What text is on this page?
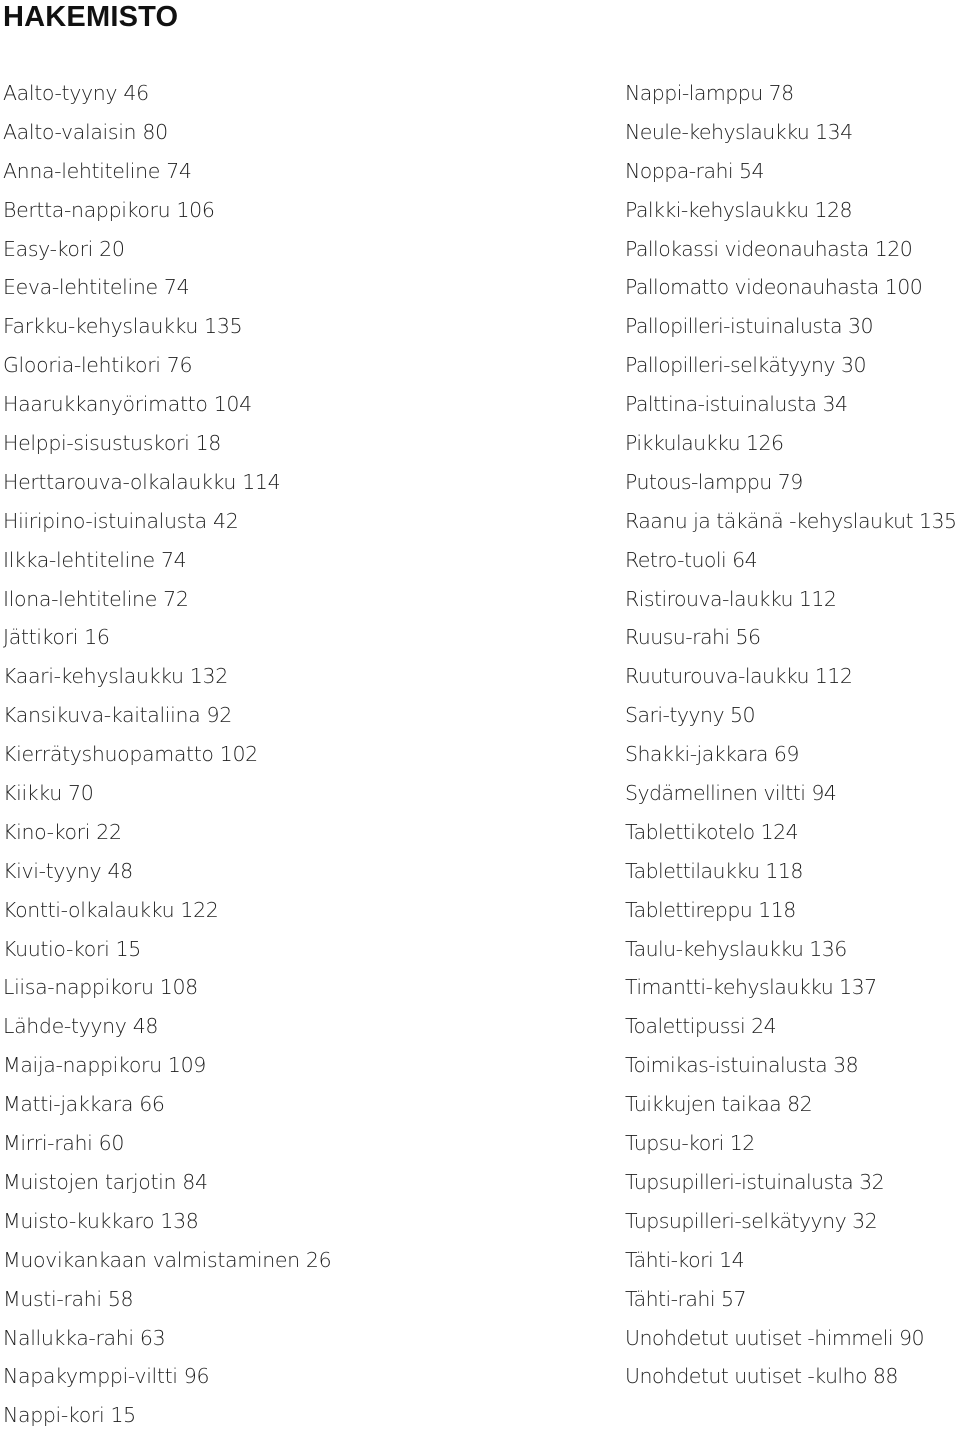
HAKEMISTO
Aalto-tyyny 46
Aalto-valaisin 80
Anna-lehtiteline 74
Bertta-nappikoru 106
Easy-kori 20
Eeva-lehtiteline 74
Farkku-kehyslaukku 135
Glooria-lehtikori 76
Haarukkanyörimatto 104
Helppi-sisustuskori 18
Herttarouva-olkalaukku 114
Hiiripino-istuinalusta 42
Ilkka-lehtiteline 74
Ilona-lehtiteline 72
Jättikori 16
Kaari-kehyslaukku 132
Kansikuva-kaitaliina 92
Kierrätyshuopamatto 102
Kiikku 70
Kino-kori 22
Kivi-tyyny 48
Kontti-olkalaukku 122
Kuutio-kori 15
Liisa-nappikoru 108
Lähde-tyyny 48
Maija-nappikoru 109
Matti-jakkara 66
Mirri-rahi 60
Muistojen tarjotin 84
Muisto-kukkaro 138
Muovikankaan valmistaminen 26
Musti-rahi 58
Nallukka-rahi 63
Napakymppi-viltti 96
Nappi-kori 15
Nappi-lamppu 78
Neule-kehyslaukku 134
Noppa-rahi 54
Palkki-kehyslaukku 128
Pallokassi videonauhasta 120
Pallomatto videonauhasta 100
Pallopilleri-istuinalusta 30
Pallopilleri-selkätyyny 30
Palttina-istuinalusta 34
Pikkulaukku 126
Putous-lamppu 79
Raanu ja täkänä -kehyslaukut 135
Retro-tuoli 64
Ristirouva-laukku 112
Ruusu-rahi 56
Ruuturouva-laukku 112
Sari-tyyny 50
Shakki-jakkara 69
Sydämellinen viltti 94
Tablettikotelo 124
Tablettilaukku 118
Tablettireppu 118
Taulu-kehyslaukku 136
Timantti-kehyslaukku 137
Toalettipussi 24
Toimikas-istuinalusta 38
Tuikkujen taikaa 82
Tupsu-kori 12
Tupsupilleri-istuinalusta 32
Tupsupilleri-selkätyyny 32
Tähti-kori 14
Tähti-rahi 57
Unohdetut uutiset -himmeli 90
Unohdetut uutiset -kulho 88
